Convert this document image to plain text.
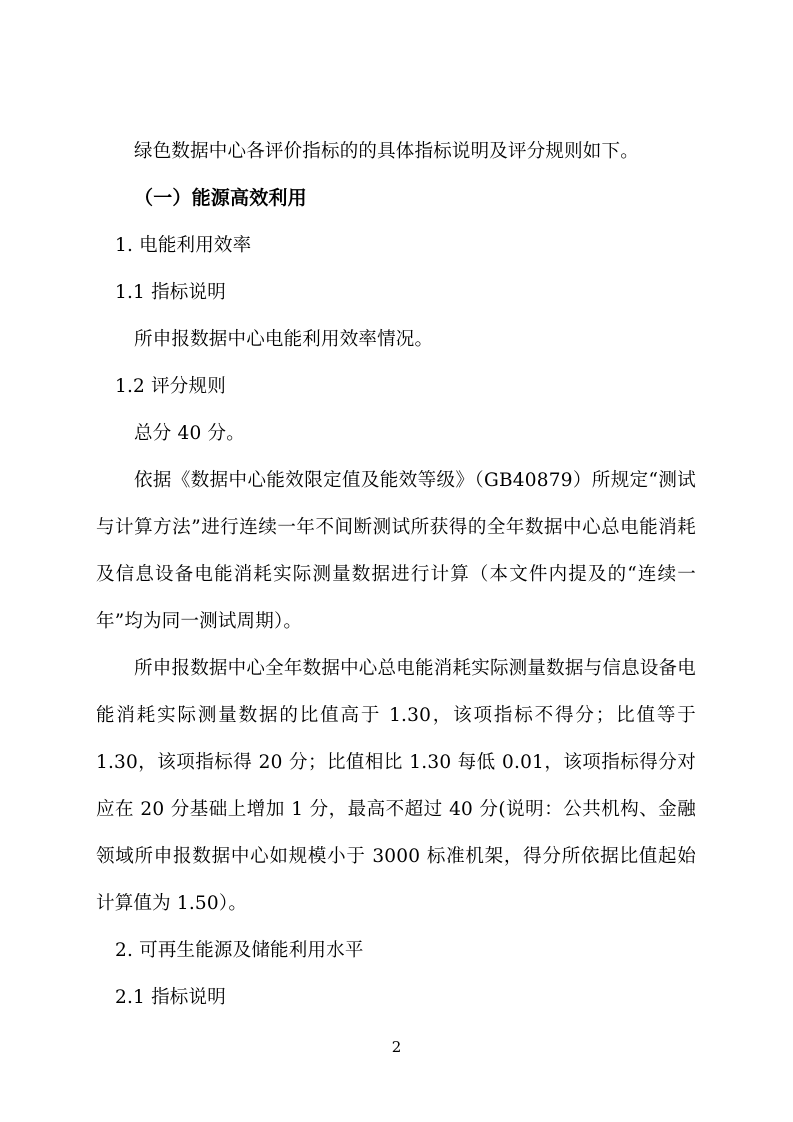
绿色数据中心各评价指标的的具体指标说明及评分规则如下。

（一）能源高效利用

1. 电能利用效率

1.1 指标说明

所申报数据中心电能利用效率情况。

1.2 评分规则

总分 40 分。

依据《数据中心能效限定值及能效等级》（GB40879）所规定“测试与计算方法”进行连续一年不间断测试所获得的全年数据中心总电能消耗及信息设备电能消耗实际测量数据进行计算（本文件内提及的“连续一年”均为同一测试周期）。

所申报数据中心全年数据中心总电能消耗实际测量数据与信息设备电能消耗实际测量数据的比值高于 1.30，该项指标不得分；比值等于 1.30，该项指标得 20 分；比值相比 1.30 每低 0.01，该项指标得分对应在 20 分基础上增加 1 分，最高不超过 40 分(说明：公共机构、金融领域所申报数据中心如规模小于 3000 标准机架，得分所依据比值起始计算值为 1.50）。

2. 可再生能源及储能利用水平

2.1 指标说明

2
